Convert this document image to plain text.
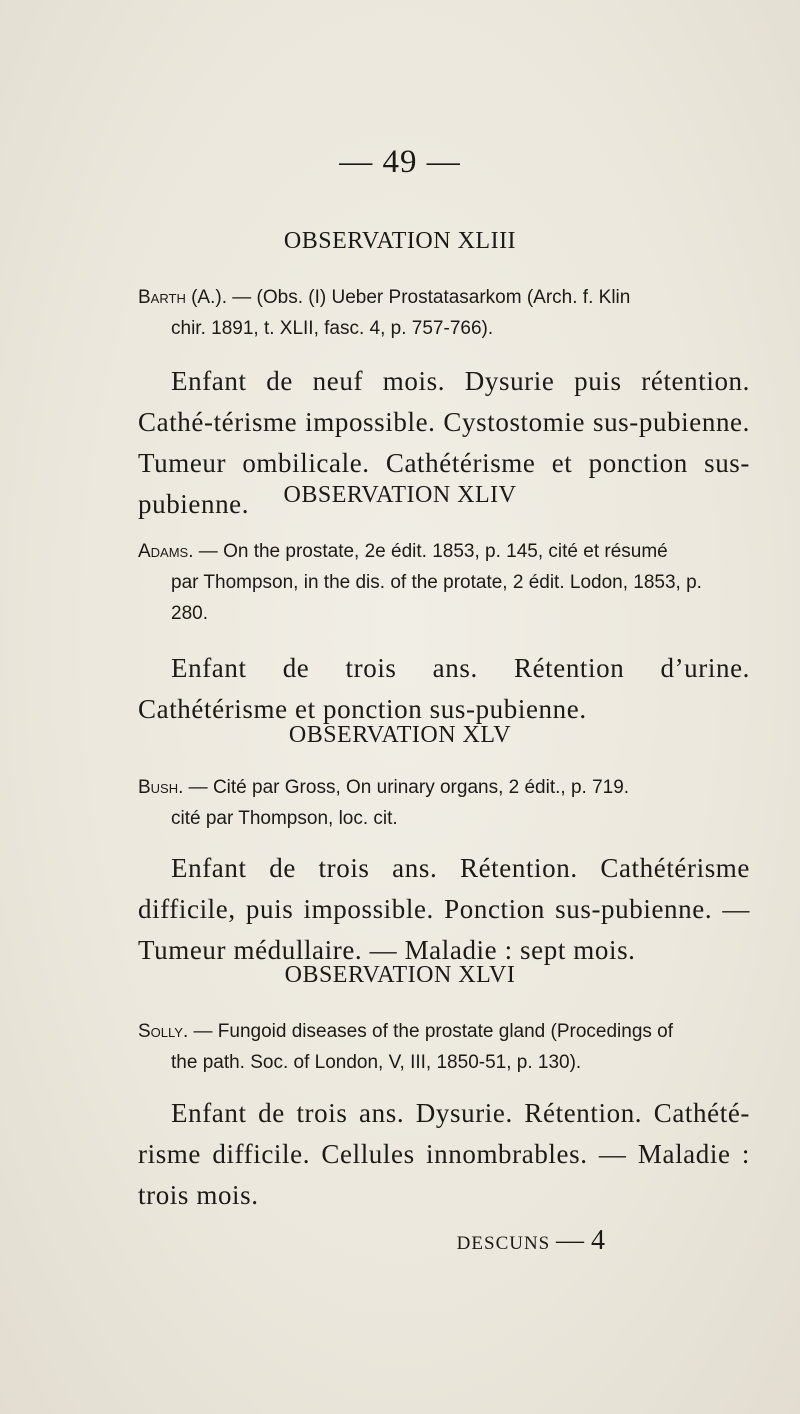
— 49 —
OBSERVATION XLIII
Barth (A.). — (Obs. (I) Ueber Prostatasarkom (Arch. f. Klin
chir. 1891, t. XLII, fasc. 4, p. 757-766).
Enfant de neuf mois. Dysurie puis rétention. Cathé-térisme impossible. Cystostomie sus-pubienne. Tumeur ombilicale. Cathétérisme et ponction sus-pubienne.	OBSERVATION XLIV
Adams. — On the prostate, 2e édit. 1853, p. 145, cité et résumé
par Thompson, in the dis. of the protate, 2 édit. Lodon, 1853, p. 280.
Enfant de trois ans. Rétention d’urine. Cathétérisme et ponction sus-pubienne.
OBSERVATION XLV
Bush. — Cité par Gross, On urinary organs, 2 édit., p. 719.
cité par Thompson, loc. cit.
Enfant de trois ans. Rétention. Cathétérisme difficile, puis impossible. Ponction sus-pubienne. — Tumeur médullaire. — Maladie : sept mois.
OBSERVATION XLVI
Solly. — Fungoid diseases of the prostate gland (Procedings of
the path. Soc. of London, V, III, 1850-51, p. 130).
Enfant de trois ans. Dysurie. Rétention. Cathété-risme difficile. Cellules innombrables. — Maladie : trois mois.
DESCUNS — 4
